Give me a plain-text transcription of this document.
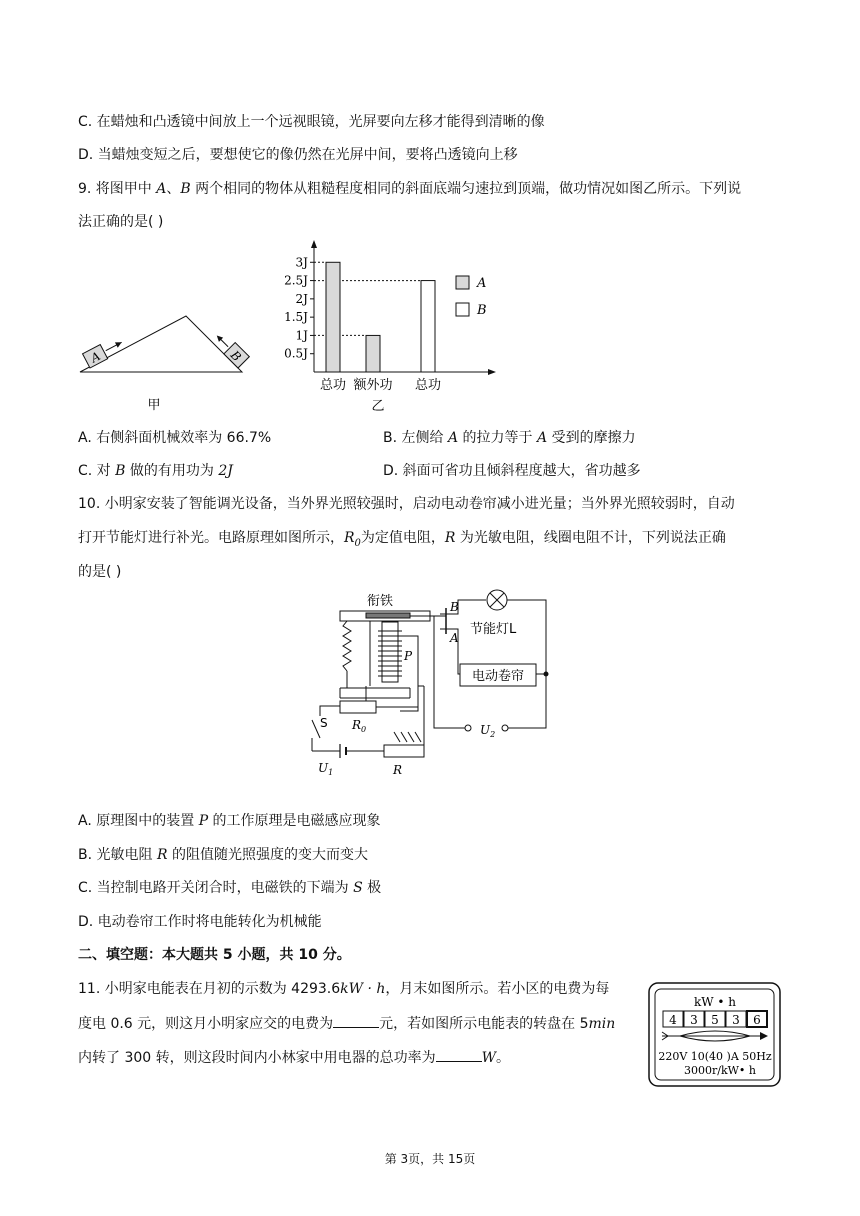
C. 在蜡烛和凸透镜中间放上一个远视眼镜，光屏要向左移才能得到清晰的像
D. 当蜡烛变短之后，要想使它的像仍然在光屏中间，要将凸透镜向上移
9. 将图甲中 A、B 两个相同的物体从粗糙程度相同的斜面底端匀速拉到顶端，做功情况如图乙所示。下列说
法正确的是( )
A	B
甲
0.5J
1J
1.5J
2J
2.5J
3J
总功 额外功 总功
A
B
乙
A. 右侧斜面机械效率为 66.7%	B. 左侧给 A 的拉力等于 A 受到的摩擦力
C. 对 B 做的有用功为 2J	D. 斜面可省功且倾斜程度越大，省功越多
10. 小明家安装了智能调光设备，当外界光照较强时，启动电动卷帘减小进光量；当外界光照较弱时，自动
打开节能灯进行补光。电路原理如图所示，$R_0$为定值电阻，R 为光敏电阻，线圈电阻不计，下列说法正确
的是( )
衔铁	B
A
节能灯L
电动卷帘
P
$R_0$
S
$U_1$	R
$U_2$
A. 原理图中的装置 P 的工作原理是电磁感应现象
B. 光敏电阻 R 的阻值随光照强度的变大而变大
C. 当控制电路开关闭合时，电磁铁的下端为 S 极
D. 电动卷帘工作时将电能转化为机械能
二、填空题：本大题共 5 小题，共 10 分。
11. 小明家电能表在月初的示数为 4293.6kW · h，月末如图所示。若小区的电费为每
度电 0.6 元，则这月小明家应交的电费为	元，若如图所示电能表的转盘在 5min
内转了 300 转，则这段时间内小林家中用电器的总功率为	W。
kW • h
4 3 5 3 6
220V 10(40 )A 50Hz
3000r/kW• h
第 3页，共 15页
